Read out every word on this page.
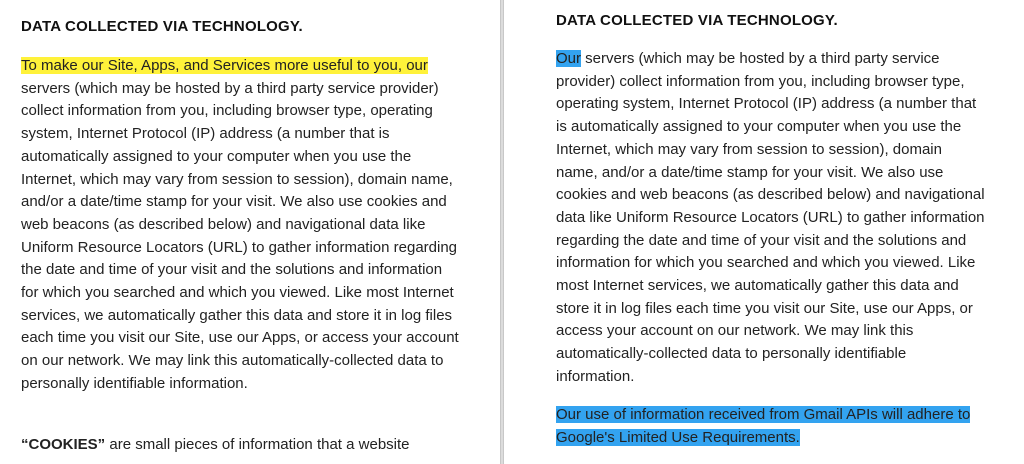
DATA COLLECTED VIA TECHNOLOGY.

To make our Site, Apps, and Services more useful to you, our servers (which may be hosted by a third party service provider) collect information from you, including browser type, operating system, Internet Protocol (IP) address (a number that is automatically assigned to your computer when you use the Internet, which may vary from session to session), domain name, and/or a date/time stamp for your visit. We also use cookies and web beacons (as described below) and navigational data like Uniform Resource Locators (URL) to gather information regarding the date and time of your visit and the solutions and information for which you searched and which you viewed. Like most Internet services, we automatically gather this data and store it in log files each time you visit our Site, use our Apps, or access your account on our network. We may link this automatically-collected data to personally identifiable information.

“COOKIES” are small pieces of information that a website

DATA COLLECTED VIA TECHNOLOGY.

Our servers (which may be hosted by a third party service provider) collect information from you, including browser type, operating system, Internet Protocol (IP) address (a number that is automatically assigned to your computer when you use the Internet, which may vary from session to session), domain name, and/or a date/time stamp for your visit. We also use cookies and web beacons (as described below) and navigational data like Uniform Resource Locators (URL) to gather information regarding the date and time of your visit and the solutions and information for which you searched and which you viewed. Like most Internet services, we automatically gather this data and store it in log files each time you visit our Site, use our Apps, or access your account on our network. We may link this automatically-collected data to personally identifiable information.

Our use of information received from Gmail APIs will adhere to Google's Limited Use Requirements.
